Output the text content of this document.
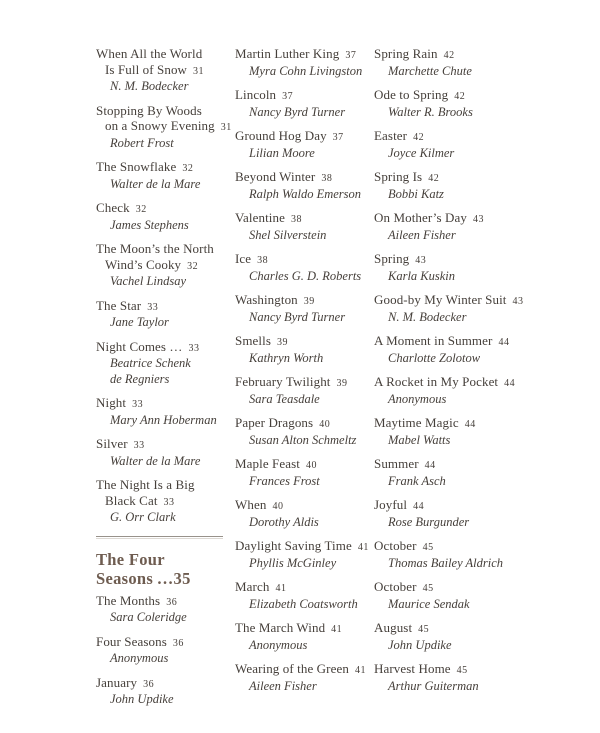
When All the World
Is Full of Snow 31
N. M. Bodecker
Stopping By Woods
on a Snowy Evening 31
Robert Frost
The Snowflake 32
Walter de la Mare
Check 32
James Stephens
The Moon’s the North
Wind’s Cooky 32
Vachel Lindsay
The Star 33
Jane Taylor
Night Comes … 33
Beatrice Schenk
de Regniers
Night 33
Mary Ann Hoberman
Silver 33
Walter de la Mare
The Night Is a Big
Black Cat 33
G. Orr Clark
The Four
Seasons …35
The Months 36
Sara Coleridge
Four Seasons 36
Anonymous
January 36
John Updike
Martin Luther King 37
Myra Cohn Livingston
Lincoln 37
Nancy Byrd Turner
Ground Hog Day 37
Lilian Moore
Beyond Winter 38
Ralph Waldo Emerson
Valentine 38
Shel Silverstein
Ice 38
Charles G. D. Roberts
Washington 39
Nancy Byrd Turner
Smells 39
Kathryn Worth
February Twilight 39
Sara Teasdale
Paper Dragons 40
Susan Alton Schmeltz
Maple Feast 40
Frances Frost
When 40
Dorothy Aldis
Daylight Saving Time 41
Phyllis McGinley
March 41
Elizabeth Coatsworth
The March Wind 41
Anonymous
Wearing of the Green 41
Aileen Fisher
Spring Rain 42
Marchette Chute
Ode to Spring 42
Walter R. Brooks
Easter 42
Joyce Kilmer
Spring Is 42
Bobbi Katz
On Mother’s Day 43
Aileen Fisher
Spring 43
Karla Kuskin
Good-by My Winter Suit 43
N. M. Bodecker
A Moment in Summer 44
Charlotte Zolotow
A Rocket in My Pocket 44
Anonymous
Maytime Magic 44
Mabel Watts
Summer 44
Frank Asch
Joyful 44
Rose Burgunder
October 45
Thomas Bailey Aldrich
October 45
Maurice Sendak
August 45
John Updike
Harvest Home 45
Arthur Guiterman
